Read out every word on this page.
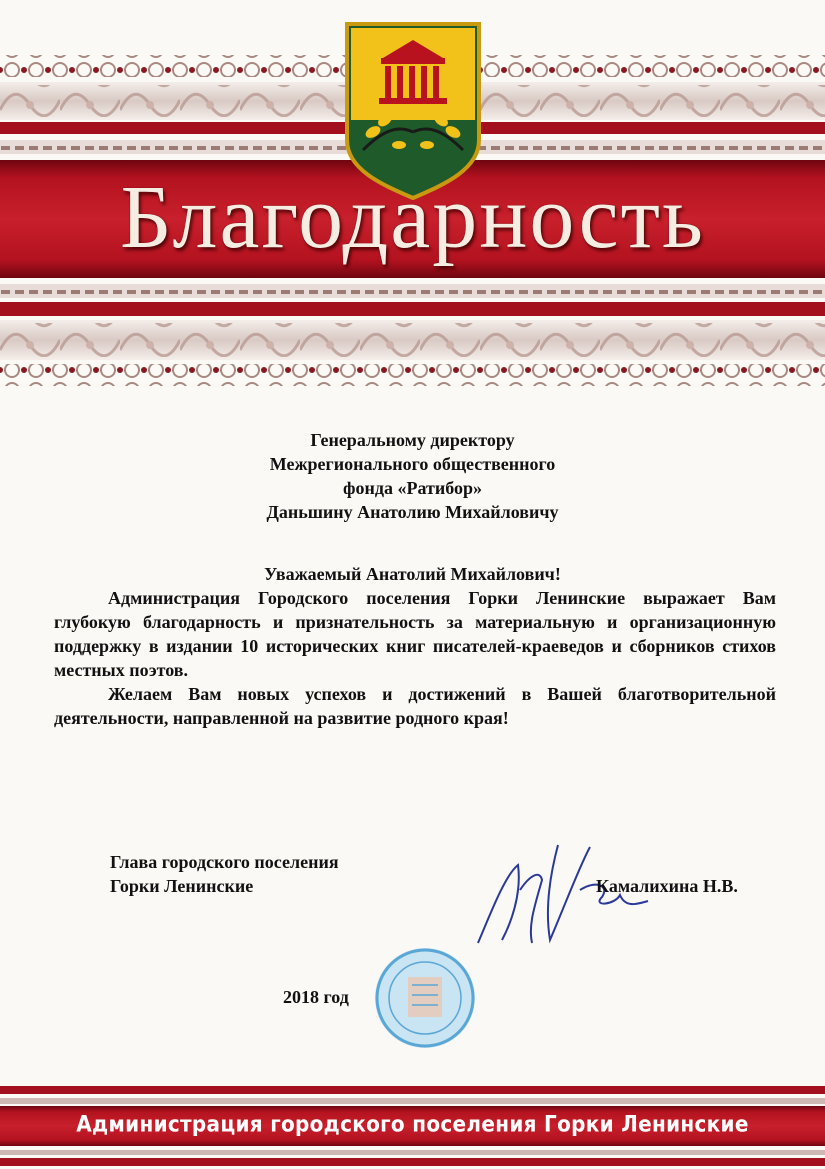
Благодарность
Генеральному директору
Межрегионального общественного
фонда «Ратибор»
Даньшину Анатолию Михайловичу
Уважаемый Анатолий Михайлович!

Администрация Городского поселения Горки Ленинские выражает Вам глубокую благодарность и признательность за материальную и организационную поддержку в издании 10 исторических книг писателей-краеведов и сборников стихов местных поэтов.

Желаем Вам новых успехов и достижений в Вашей благотворительной деятельности, направленной на развитие родного края!

Глава городского поселения
Горки Ленинские	Камалихина Н.В.
2018 год
Администрация городского поселения Горки Ленинские
